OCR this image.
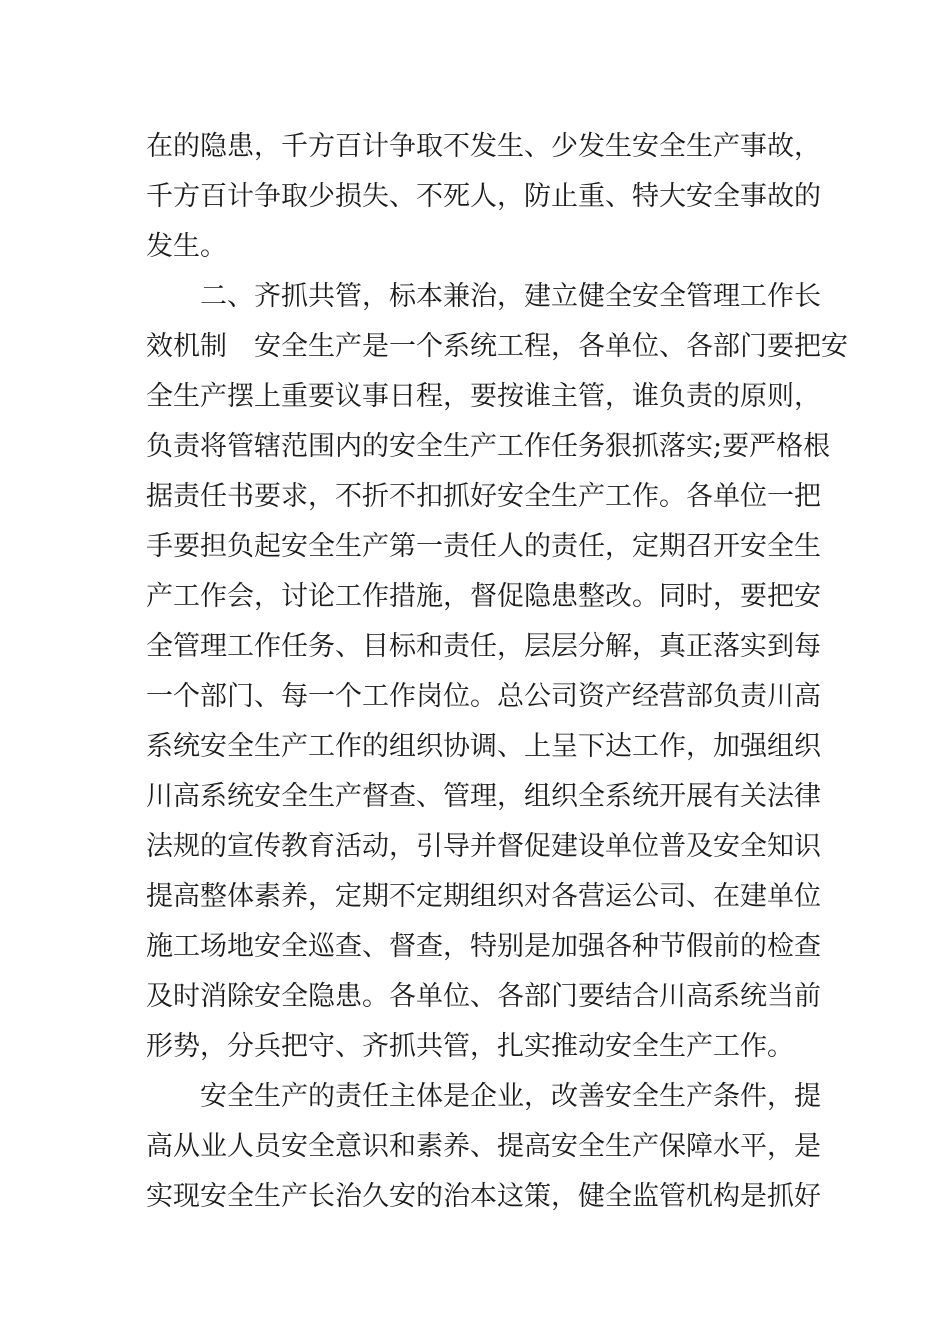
在的隐患，千方百计争取不发生、少发生安全生产事故，
千方百计争取少损失、不死人，防止重、特大安全事故的
发生。
二、齐抓共管，标本兼治，建立健全安全管理工作长
效机制　安全生产是一个系统工程，各单位、各部门要把安
全生产摆上重要议事日程，要按谁主管，谁负责的原则，
负责将管辖范围内的安全生产工作任务狠抓落实;要严格根
据责任书要求，不折不扣抓好安全生产工作。各单位一把
手要担负起安全生产第一责任人的责任，定期召开安全生
产工作会，讨论工作措施，督促隐患整改。同时，要把安
全管理工作任务、目标和责任，层层分解，真正落实到每
一个部门、每一个工作岗位。总公司资产经营部负责川高
系统安全生产工作的组织协调、上呈下达工作，加强组织
川高系统安全生产督查、管理，组织全系统开展有关法律
法规的宣传教育活动，引导并督促建设单位普及安全知识
提高整体素养，定期不定期组织对各营运公司、在建单位
施工场地安全巡查、督查，特别是加强各种节假前的检查
及时消除安全隐患。各单位、各部门要结合川高系统当前
形势，分兵把守、齐抓共管，扎实推动安全生产工作。
安全生产的责任主体是企业，改善安全生产条件，提
高从业人员安全意识和素养、提高安全生产保障水平，是
实现安全生产长治久安的治本这策，健全监管机构是抓好
